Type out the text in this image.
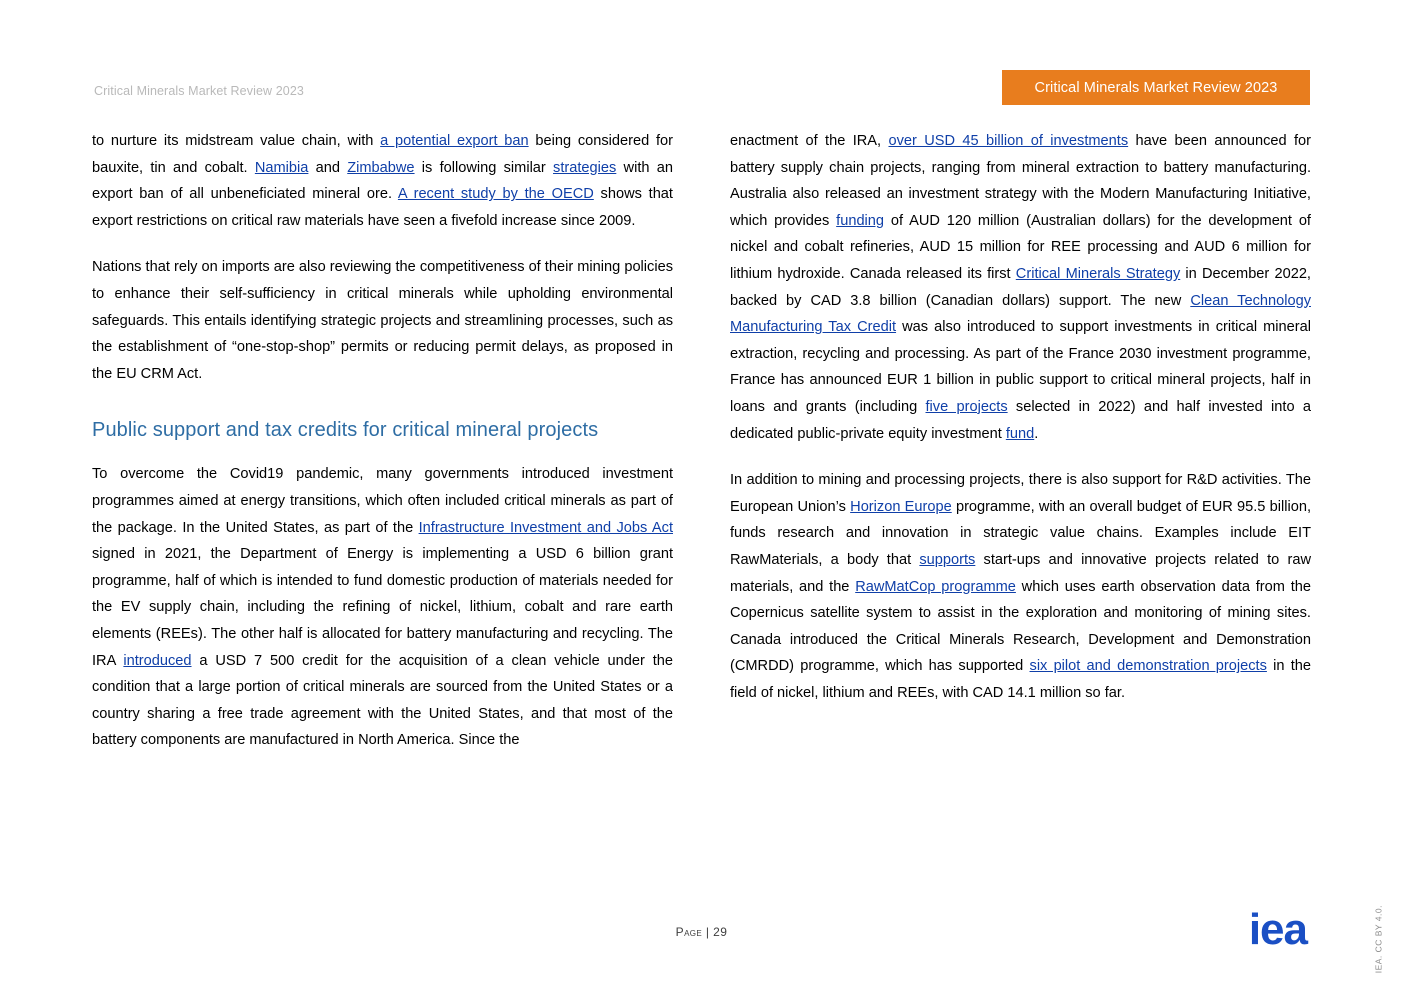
Critical Minerals Market Review 2023	Critical Minerals Market Review 2023

to nurture its midstream value chain, with a potential export ban being considered for bauxite, tin and cobalt. Namibia and Zimbabwe is following similar strategies with an export ban of all unbeneficiated mineral ore. A recent study by the OECD shows that export restrictions on critical raw materials have seen a fivefold increase since 2009.

Nations that rely on imports are also reviewing the competitiveness of their mining policies to enhance their self-sufficiency in critical minerals while upholding environmental safeguards. This entails identifying strategic projects and streamlining processes, such as the establishment of “one-stop-shop” permits or reducing permit delays, as proposed in the EU CRM Act.

Public support and tax credits for critical mineral projects

To overcome the Covid19 pandemic, many governments introduced investment programmes aimed at energy transitions, which often included critical minerals as part of the package. In the United States, as part of the Infrastructure Investment and Jobs Act signed in 2021, the Department of Energy is implementing a USD 6 billion grant programme, half of which is intended to fund domestic production of materials needed for the EV supply chain, including the refining of nickel, lithium, cobalt and rare earth elements (REEs). The other half is allocated for battery manufacturing and recycling. The IRA introduced a USD 7 500 credit for the acquisition of a clean vehicle under the condition that a large portion of critical minerals are sourced from the United States or a country sharing a free trade agreement with the United States, and that most of the battery components are manufactured in North America. Since the

enactment of the IRA, over USD 45 billion of investments have been announced for battery supply chain projects, ranging from mineral extraction to battery manufacturing. Australia also released an investment strategy with the Modern Manufacturing Initiative, which provides funding of AUD 120 million (Australian dollars) for the development of nickel and cobalt refineries, AUD 15 million for REE processing and AUD 6 million for lithium hydroxide. Canada released its first Critical Minerals Strategy in December 2022, backed by CAD 3.8 billion (Canadian dollars) support. The new Clean Technology Manufacturing Tax Credit was also introduced to support investments in critical mineral extraction, recycling and processing. As part of the France 2030 investment programme, France has announced EUR 1 billion in public support to critical mineral projects, half in loans and grants (including five projects selected in 2022) and half invested into a dedicated public-private equity investment fund.

In addition to mining and processing projects, there is also support for R&D activities. The European Union’s Horizon Europe programme, with an overall budget of EUR 95.5 billion, funds research and innovation in strategic value chains. Examples include EIT RawMaterials, a body that supports start-ups and innovative projects related to raw materials, and the RawMatCop programme which uses earth observation data from the Copernicus satellite system to assist in the exploration and monitoring of mining sites. Canada introduced the Critical Minerals Research, Development and Demonstration (CMRDD) programme, which has supported six pilot and demonstration projects in the field of nickel, lithium and REEs, with CAD 14.1 million so far.

Page | 29	iea	IEA. CC BY 4.0.
